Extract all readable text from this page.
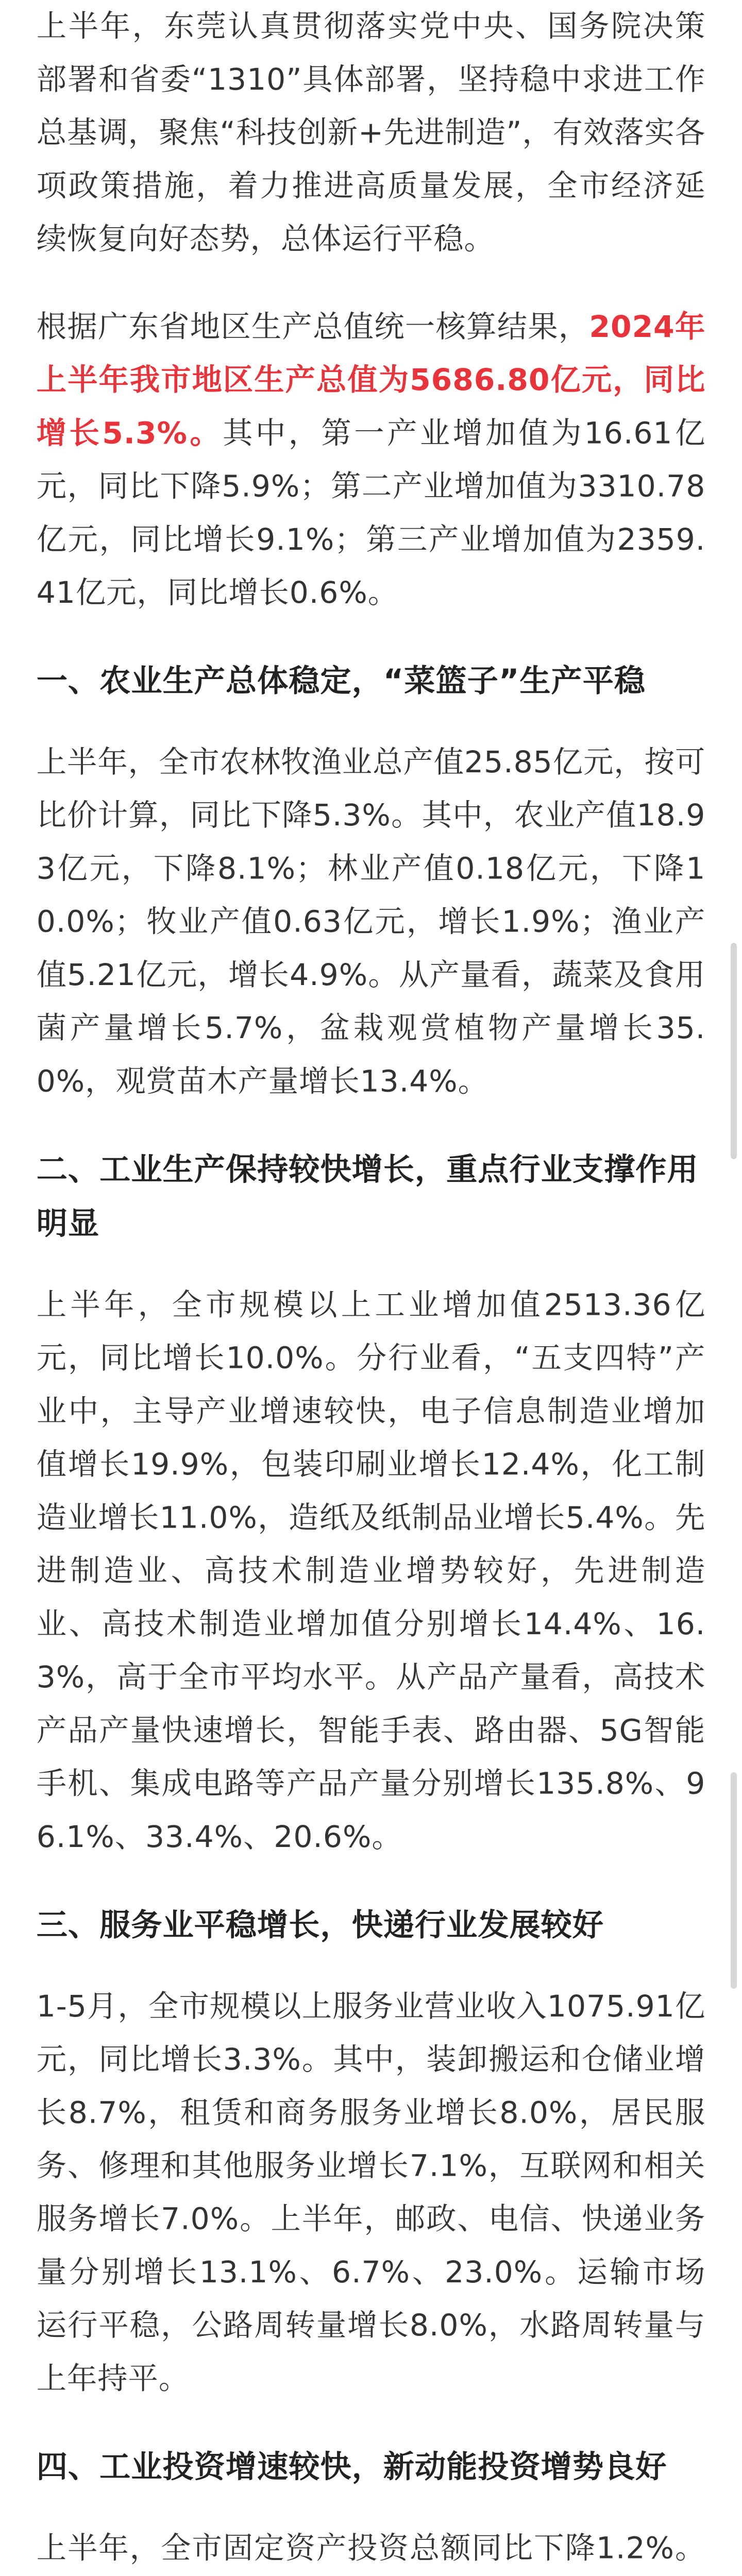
上半年，东莞认真贯彻落实党中央、国务院决策部署和省委“1310”具体部署，坚持稳中求进工作总基调，聚焦“科技创新+先进制造”，有效落实各项政策措施，着力推进高质量发展，全市经济延续恢复向好态势，总体运行平稳。

根据广东省地区生产总值统一核算结果，2024年上半年我市地区生产总值为5686.80亿元，同比增长5.3%。其中，第一产业增加值为16.61亿元，同比下降5.9%；第二产业增加值为3310.78亿元，同比增长9.1%；第三产业增加值为2359.41亿元，同比增长0.6%。

一、农业生产总体稳定，“菜篮子”生产平稳

上半年，全市农林牧渔业总产值25.85亿元，按可比价计算，同比下降5.3%。其中，农业产值18.93亿元，下降8.1%；林业产值0.18亿元，下降10.0%；牧业产值0.63亿元，增长1.9%；渔业产值5.21亿元，增长4.9%。从产量看，蔬菜及食用菌产量增长5.7%，盆栽观赏植物产量增长35.0%，观赏苗木产量增长13.4%。

二、工业生产保持较快增长，重点行业支撑作用明显

上半年，全市规模以上工业增加值2513.36亿元，同比增长10.0%。分行业看，“五支四特”产业中，主导产业增速较快，电子信息制造业增加值增长19.9%，包装印刷业增长12.4%，化工制造业增长11.0%，造纸及纸制品业增长5.4%。先进制造业、高技术制造业增势较好，先进制造业、高技术制造业增加值分别增长14.4%、16.3%，高于全市平均水平。从产品产量看，高技术产品产量快速增长，智能手表、路由器、5G智能手机、集成电路等产品产量分别增长135.8%、96.1%、33.4%、20.6%。

三、服务业平稳增长，快递行业发展较好

1-5月，全市规模以上服务业营业收入1075.91亿元，同比增长3.3%。其中，装卸搬运和仓储业增长8.7%，租赁和商务服务业增长8.0%，居民服务、修理和其他服务业增长7.1%，互联网和相关服务增长7.0%。上半年，邮政、电信、快递业务量分别增长13.1%、6.7%、23.0%。运输市场运行平稳，公路周转量增长8.0%，水路周转量与上年持平。

四、工业投资增速较快，新动能投资增势良好

上半年，全市固定资产投资总额同比下降1.2%。
